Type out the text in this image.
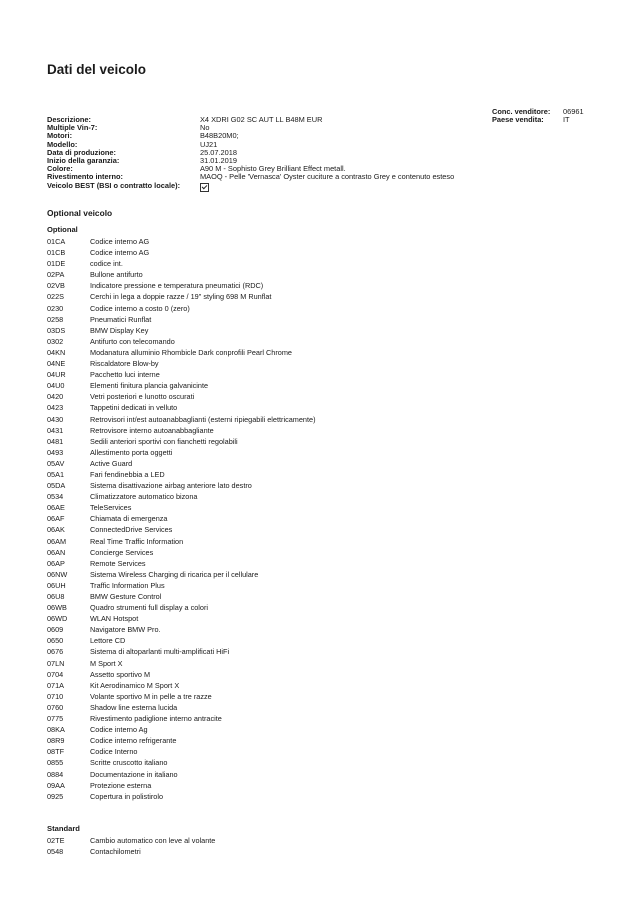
Dati del veicolo
Conc. venditore:	06961
Paese vendita:	IT
Descrizione:	X4 XDRI G02 SC AUT LL B48M EUR
Multiple Vin-7:	No
Motori:	B48B20M0;
Modello:	UJ21
Data di produzione:	25.07.2018
Inizio della garanzia:	31.01.2019
Colore:	A90 M - Sophisto Grey Brilliant Effect metall.
Rivestimento interno:	MAOQ - Pelle 'Vernasca' Oyster cuciture a contrasto Grey e contenuto esteso
Veicolo BEST (BSI o contratto locale):
Optional veicolo
Optional
01CA	Codice interno AG
01CB	Codice interno AG
01DE	codice int.
02PA	Bullone antifurto
02VB	Indicatore pressione e temperatura pneumatici (RDC)
022S	Cerchi in lega a doppie razze / 19" styling 698 M Runflat
0230	Codice interno a costo 0 (zero)
0258	Pneumatici Runflat
03DS	BMW Display Key
0302	Antifurto con telecomando
04KN	Modanatura alluminio Rhombicle Dark conprofili Pearl Chrome
04NE	Riscaldatore Blow-by
04UR	Pacchetto luci interne
04U0	Elementi finitura plancia galvanicinte
0420	Vetri posteriori e lunotto oscurati
0423	Tappetini dedicati in velluto
0430	Retrovisori int/est autoanabbaglianti (esterni ripiegabili elettricamente)
0431	Retrovisore interno autoanabbagliante
0481	Sedili anteriori sportivi con fianchetti regolabili
0493	Allestimento porta oggetti
05AV	Active Guard
05A1	Fari fendinebbia a LED
05DA	Sistema disattivazione airbag anteriore lato destro
0534	Climatizzatore automatico bizona
06AE	TeleServices
06AF	Chiamata di emergenza
06AK	ConnectedDrive Services
06AM	Real Time Traffic Information
06AN	Concierge Services
06AP	Remote Services
06NW	Sistema Wireless Charging di ricarica per il cellulare
06UH	Traffic Information Plus
06U8	BMW Gesture Control
06WB	Quadro strumenti full display a colori
06WD	WLAN Hotspot
0609	Navigatore BMW Pro.
0650	Lettore CD
0676	Sistema di altoparlanti multi-amplificati HiFi
07LN	M Sport X
0704	Assetto sportivo M
071A	Kit Aerodinamico M Sport X
0710	Volante sportivo M in pelle a tre razze
0760	Shadow line esterna lucida
0775	Rivestimento padiglione interno antracite
08KA	Codice interno Ag
08R9	Codice interno refrigerante
08TF	Codice Interno
0855	Scritte cruscotto italiano
0884	Documentazione in italiano
09AA	Protezione esterna
0925	Copertura in polistirolo
Standard
02TE	Cambio automatico con leve al volante
0548	Contachilometri
